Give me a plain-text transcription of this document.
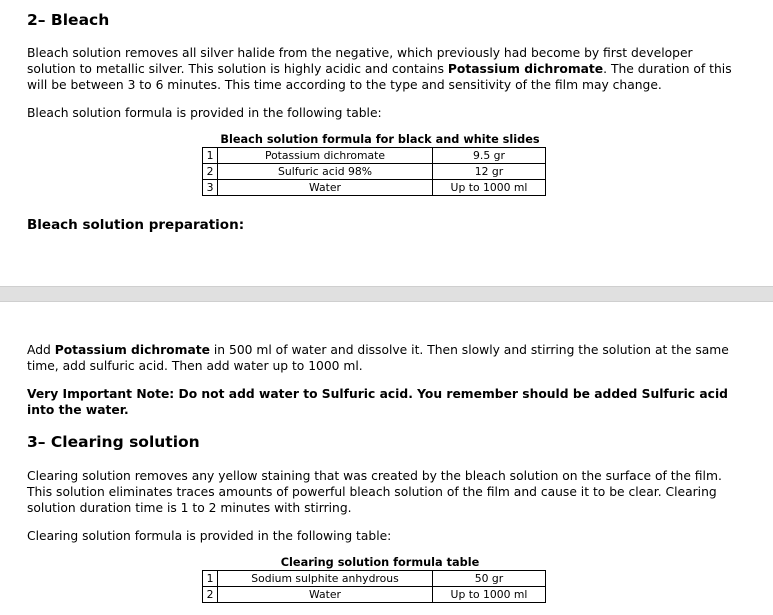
2– Bleach

Bleach solution removes all silver halide from the negative, which previously had become by first developer solution to metallic silver. This solution is highly acidic and contains Potassium dichromate. The duration of this will be between 3 to 6 minutes. This time according to the type and sensitivity of the film may change.

Bleach solution formula is provided in the following table:

Bleach solution formula for black and white slides
1	Potassium dichromate	9.5 gr
2	Sulfuric acid 98%	12 gr
3	Water	Up to 1000 ml
Bleach solution preparation:

Add Potassium dichromate in 500 ml of water and dissolve it. Then slowly and stirring the solution at the same time, add sulfuric acid. Then add water up to 1000 ml.

Very Important Note: Do not add water to Sulfuric acid. You remember should be added Sulfuric acid into the water.

3– Clearing solution

Clearing solution removes any yellow staining that was created by the bleach solution on the surface of the film. This solution eliminates traces amounts of powerful bleach solution of the film and cause it to be clear. Clearing solution duration time is 1 to 2 minutes with stirring.

Clearing solution formula is provided in the following table:

Clearing solution formula table
1	Sodium sulphite anhydrous	50 gr
2	Water	Up to 1000 ml
